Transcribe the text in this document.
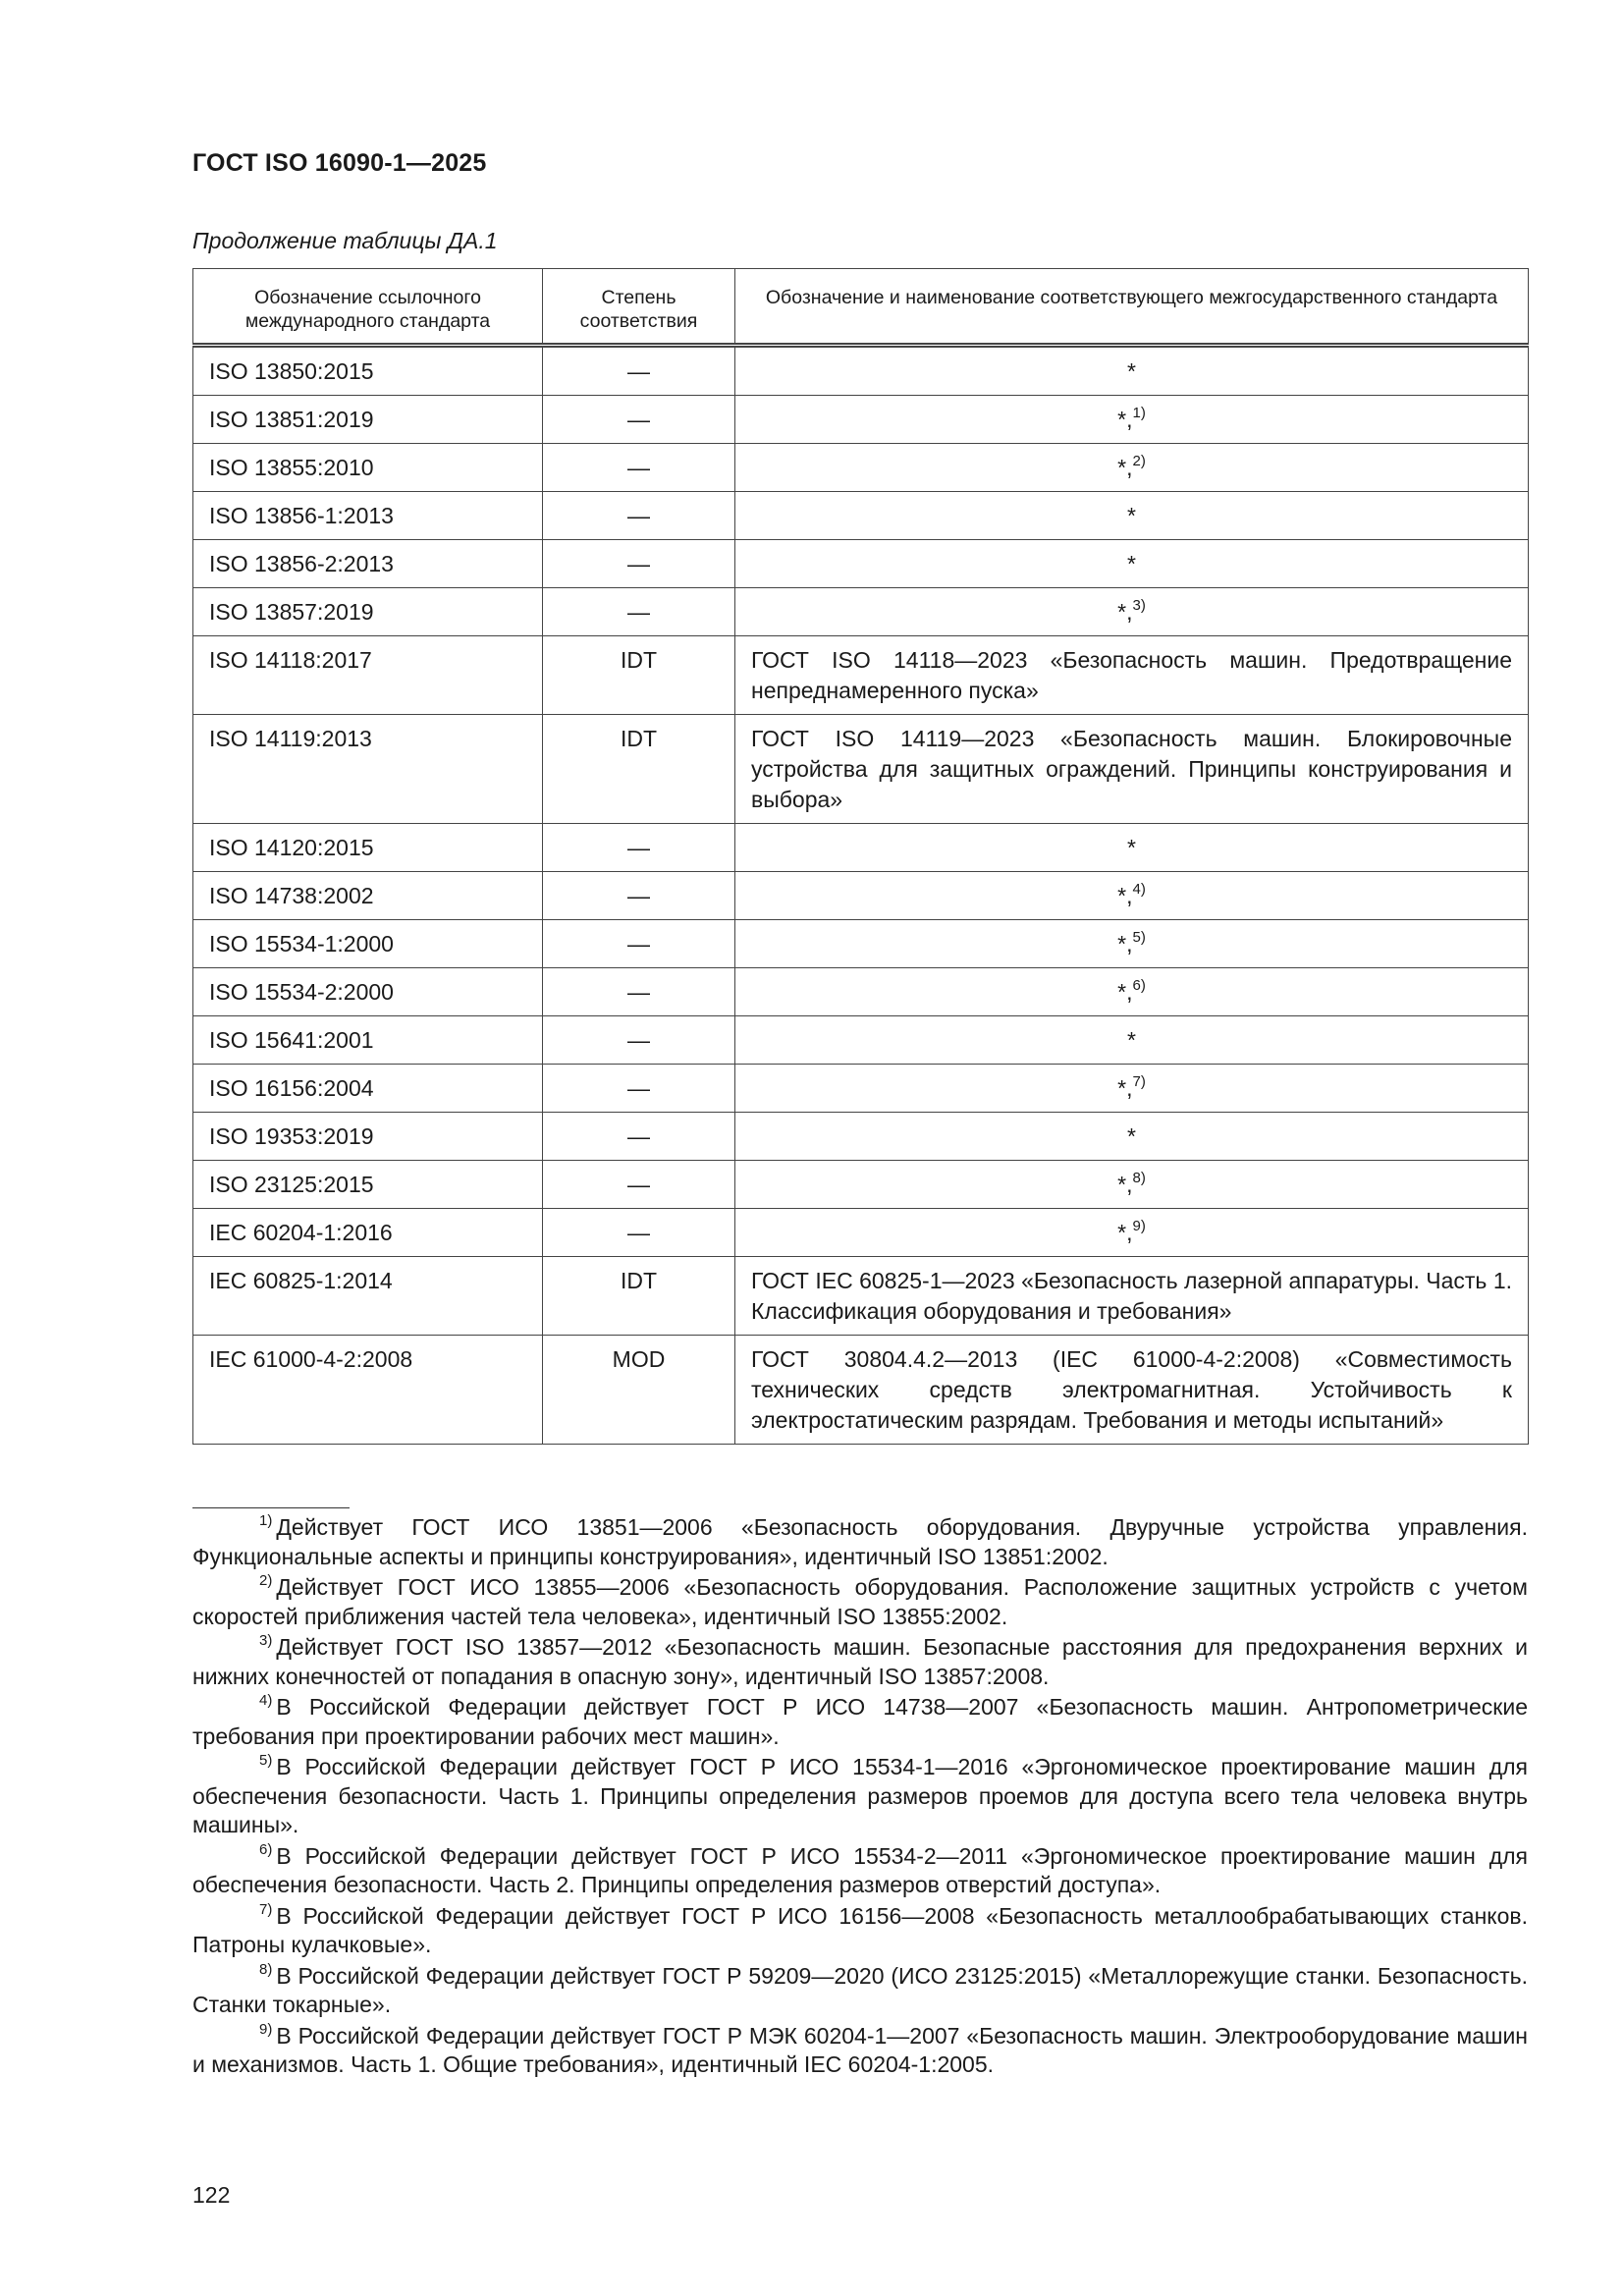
ГОСТ ISO 16090-1—2025
Продолжение таблицы ДА.1
Обозначение ссылочного международного стандарта	Степень соответствия	Обозначение и наименование соответствующего межгосударственного стандарта
ISO 13850:2015	—	*
ISO 13851:2019	—	*,$^{1)}$
ISO 13855:2010	—	*,$^{2)}$
ISO 13856-1:2013	—	*
ISO 13856-2:2013	—	*
ISO 13857:2019	—	*,$^{3)}$
ISO 14118:2017	IDT	ГОСТ ISO 14118—2023 «Безопасность машин. Предотвращение непреднамеренного пуска»
ISO 14119:2013	IDT	ГОСТ ISO 14119—2023 «Безопасность машин. Блокировочные устройства для защитных ограждений. Принципы конструирования и выбора»
ISO 14120:2015	—	*
ISO 14738:2002	—	*,$^{4)}$
ISO 15534-1:2000	—	*,$^{5)}$
ISO 15534-2:2000	—	*,$^{6)}$
ISO 15641:2001	—	*
ISO 16156:2004	—	*,$^{7)}$
ISO 19353:2019	—	*
ISO 23125:2015	—	*,$^{8)}$
IEC 60204-1:2016	—	*,$^{9)}$
IEC 60825-1:2014	IDT	ГОСТ IEC 60825-1—2023 «Безопасность лазерной аппаратуры. Часть 1. Классификация оборудования и требования»
IEC 61000-4-2:2008	MOD	ГОСТ 30804.4.2—2013 (IEC 61000-4-2:2008) «Совместимость технических средств электромагнитная. Устойчивость к электростатическим разрядам. Требования и методы испытаний»

$^{1)}$ Действует ГОСТ ИСО 13851—2006 «Безопасность оборудования. Двуручные устройства управления. Функциональные аспекты и принципы конструирования», идентичный ISO 13851:2002.

$^{2)}$ Действует ГОСТ ИСО 13855—2006 «Безопасность оборудования. Расположение защитных устройств с учетом скоростей приближения частей тела человека», идентичный ISO 13855:2002.

$^{3)}$ Действует ГОСТ ISO 13857—2012 «Безопасность машин. Безопасные расстояния для предохранения верхних и нижних конечностей от попадания в опасную зону», идентичный ISO 13857:2008.

$^{4)}$ В Российской Федерации действует ГОСТ Р ИСО 14738—2007 «Безопасность машин. Антропометрические требования при проектировании рабочих мест машин».

$^{5)}$ В Российской Федерации действует ГОСТ Р ИСО 15534-1—2016 «Эргономическое проектирование машин для обеспечения безопасности. Часть 1. Принципы определения размеров проемов для доступа всего тела человека внутрь машины».

$^{6)}$ В Российской Федерации действует ГОСТ Р ИСО 15534-2—2011 «Эргономическое проектирование машин для обеспечения безопасности. Часть 2. Принципы определения размеров отверстий доступа».

$^{7)}$ В Российской Федерации действует ГОСТ Р ИСО 16156—2008 «Безопасность металлообрабатывающих станков. Патроны кулачковые».

$^{8)}$ В Российской Федерации действует ГОСТ Р 59209—2020 (ИСО 23125:2015) «Металлорежущие станки. Безопасность. Станки токарные».

$^{9)}$ В Российской Федерации действует ГОСТ Р МЭК 60204-1—2007 «Безопасность машин. Электрооборудование машин и механизмов. Часть 1. Общие требования», идентичный IEC 60204-1:2005.

122
